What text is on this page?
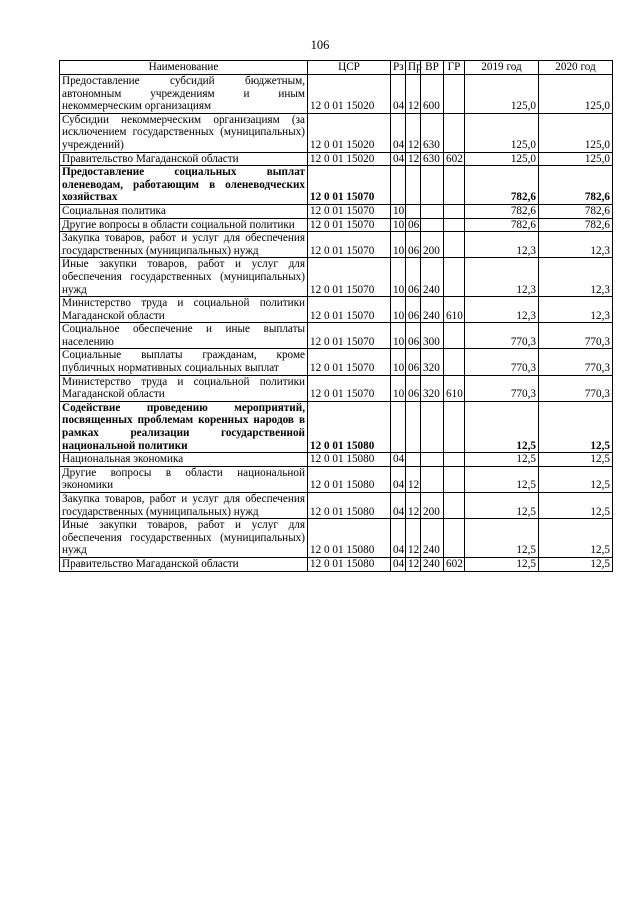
106
Наименование	ЦСР	Рз	Пр	ВР	ГР	2019 год	2020 год
Предоставление субсидий бюджетным, автономным учреждениям и иным некоммерческим организациям	12 0 01 15020	04	12	600		125,0	125,0
Субсидии некоммерческим организациям (за исключением государственных (муниципальных) учреждений)	12 0 01 15020	04	12	630		125,0	125,0
Правительство Магаданской области	12 0 01 15020	04	12	630	602	125,0	125,0
Предоставление социальных выплат оленеводам, работающим в оленеводческих хозяйствах	12 0 01 15070					782,6	782,6
Социальная политика	12 0 01 15070	10				782,6	782,6
Другие вопросы в области социальной политики	12 0 01 15070	10	06			782,6	782,6
Закупка товаров, работ и услуг для обеспечения государственных (муниципальных) нужд	12 0 01 15070	10	06	200		12,3	12,3
Иные закупки товаров, работ и услуг для обеспечения государственных (муниципальных) нужд	12 0 01 15070	10	06	240		12,3	12,3
Министерство труда и социальной политики Магаданской области	12 0 01 15070	10	06	240	610	12,3	12,3
Социальное обеспечение и иные выплаты населению	12 0 01 15070	10	06	300		770,3	770,3
Социальные выплаты гражданам, кроме публичных нормативных социальных выплат	12 0 01 15070	10	06	320		770,3	770,3
Министерство труда и социальной политики Магаданской области	12 0 01 15070	10	06	320	610	770,3	770,3
Содействие проведению мероприятий, посвященных проблемам коренных народов в рамках реализации государственной национальной политики	12 0 01 15080					12,5	12,5
Национальная экономика	12 0 01 15080	04				12,5	12,5
Другие вопросы в области национальной экономики	12 0 01 15080	04	12			12,5	12,5
Закупка товаров, работ и услуг для обеспечения государственных (муниципальных) нужд	12 0 01 15080	04	12	200		12,5	12,5
Иные закупки товаров, работ и услуг для обеспечения государственных (муниципальных) нужд	12 0 01 15080	04	12	240		12,5	12,5
Правительство Магаданской области	12 0 01 15080	04	12	240	602	12,5	12,5
